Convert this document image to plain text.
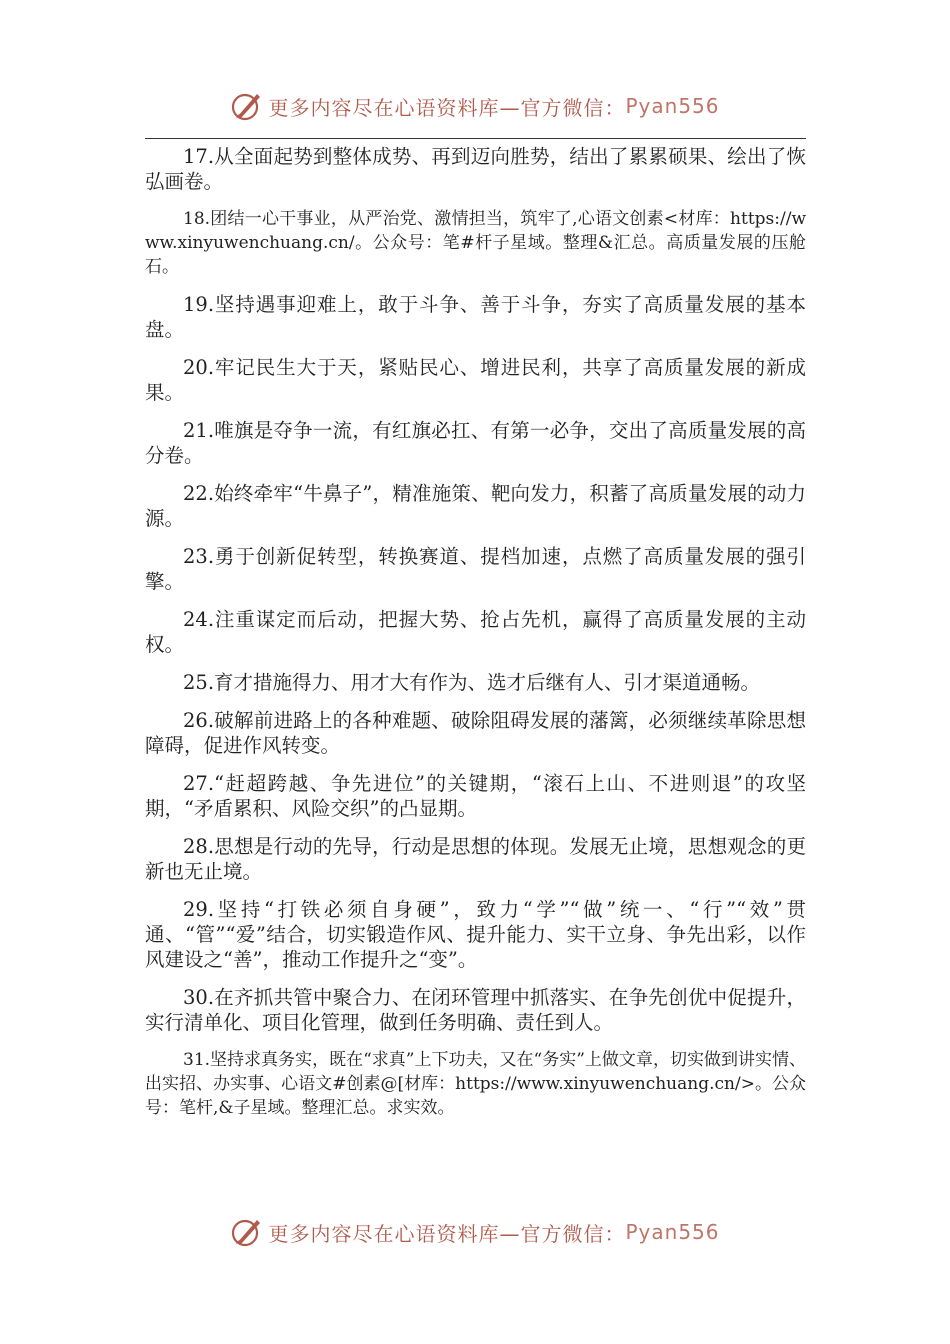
更多内容尽在心语资料库—官方微信： Pyan556

17.从全面起势到整体成势、再到迈向胜势，结出了累累硕果、绘出了恢弘画卷。

18.团结一心干事业，从严治党、激情担当，筑牢了,心语文创素<材库：https://www.xinyuwenchuang.cn/。公众号：笔#杆子星域。整理&汇总。高质量发展的压舱石。

19.坚持遇事迎难上，敢于斗争、善于斗争，夯实了高质量发展的基本盘。

20.牢记民生大于天，紧贴民心、增进民利，共享了高质量发展的新成果。

21.唯旗是夺争一流，有红旗必扛、有第一必争，交出了高质量发展的高分卷。

22.始终牵牢“牛鼻子”，精准施策、靶向发力，积蓄了高质量发展的动力源。

23.勇于创新促转型，转换赛道、提档加速，点燃了高质量发展的强引擎。

24.注重谋定而后动，把握大势、抢占先机，赢得了高质量发展的主动权。

25.育才措施得力、用才大有作为、选才后继有人、引才渠道通畅。

26.破解前进路上的各种难题、破除阻碍发展的藩篱，必须继续革除思想障碍，促进作风转变。

27.“赶超跨越、争先进位”的关键期，“滚石上山、不进则退”的攻坚期，“矛盾累积、风险交织”的凸显期。

28.思想是行动的先导，行动是思想的体现。发展无止境，思想观念的更新也无止境。

29.坚持“打铁必须自身硬”，致力“学”“做”统一、“行”“效”贯通、“管”“爱”结合，切实锻造作风、提升能力、实干立身、争先出彩，以作风建设之“善”，推动工作提升之“变”。

30.在齐抓共管中聚合力、在闭环管理中抓落实、在争先创优中促提升，实行清单化、项目化管理，做到任务明确、责任到人。

31.坚持求真务实，既在“求真”上下功夫，又在“务实”上做文章，切实做到讲实情、出实招、办实事、心语文#创素@[材库：https://www.xinyuwenchuang.cn/>。公众号：笔杆,&子星域。整理汇总。求实效。

更多内容尽在心语资料库—官方微信： Pyan556
